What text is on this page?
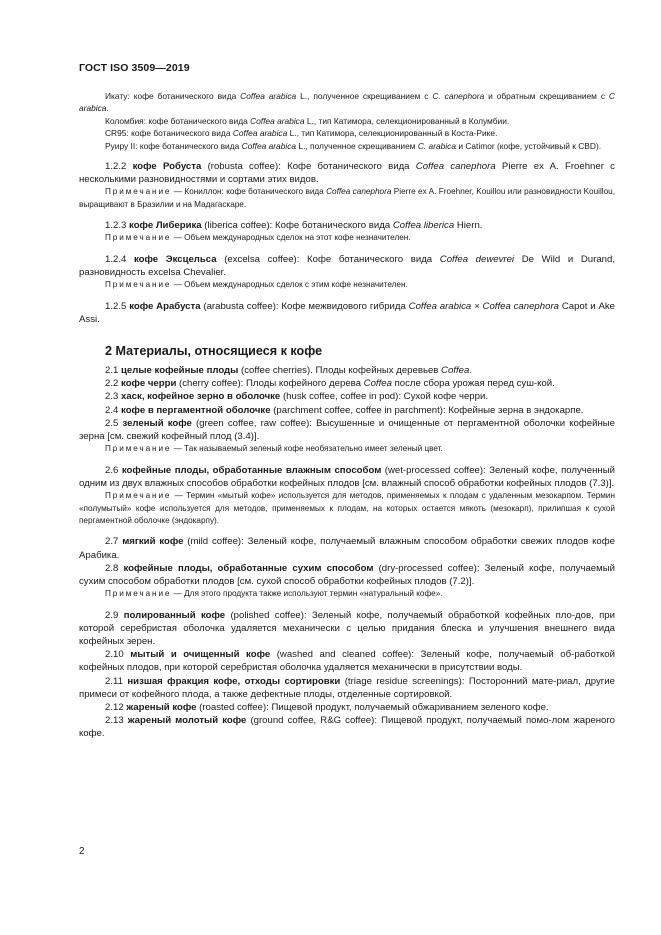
ГОСТ ISO 3509—2019

Икату: кофе ботанического вида Coffea arabica L., полученное скрещиванием с C. canephora и обратным скрещиванием с C arabica.

Коломбия: кофе ботанического вида Coffea arabica L., тип Катимора, селекционированный в Колумбии.

CR95: кофе ботанического вида Coffea arabica L., тип Катимора, селекционированный в Коста-Рике.

Руиру II: кофе ботанического вида Coffea arabica L., полученное скрещиванием C. arabica и Catimor (кофе, устойчивый к CBD).

1.2.2 кофе Робуста (robusta coffee): Кофе ботанического вида Coffea canephora Pierre ex A. Froehner с несколькими разновидностями и сортами этих видов.

Примечание — Кониллон: кофе ботанического вида Coffea canephora Pierre ex A. Froehner, Kouillou или разновидности Kouillou, выращивают в Бразилии и на Мадагаскаре.

1.2.3 кофе Либерика (liberica coffee): Кофе ботанического вида Coffea liberica Hiern.

Примечание — Объем международных сделок на этот кофе незначителен.

1.2.4 кофе Эксцельса (excelsa coffee): Кофе ботанического вида Coffea dewevrei De Wild и Durand, разновидность excelsa Chevalier.

Примечание — Объем международных сделок с этим кофе незначителен.

1.2.5 кофе Арабуста (arabusta coffee): Кофе межвидового гибрида Coffea arabica × Coffea canephora Capot и Ake Assi.

2 Материалы, относящиеся к кофе

2.1 целые кофейные плоды (coffee cherries). Плоды кофейных деревьев Coffea.

2.2 кофе черри (cherry coffee): Плоды кофейного дерева Coffea после сбора урожая перед суш-кой.

2.3 хаск, кофейное зерно в оболочке (husk coffee, coffee in pod): Сухой кофе черри.

2.4 кофе в пергаментной оболочке (parchment coffee, coffee in parchment): Кофейные зерна в эндокарпе.

2.5 зеленый кофе (green coffee, raw coffee): Высушенные и очищенные от пергаментной оболочки кофейные зерна [см. свежий кофейный плод (3.4)].

Примечание — Так называемый зеленый кофе необязательно имеет зеленый цвет.

2.6 кофейные плоды, обработанные влажным способом (wet-processed coffee): Зеленый кофе, полученный одним из двух влажных способов обработки кофейных плодов [см. влажный способ обработки кофейных плодов (7.3)].

Примечание — Термин «мытый кофе» используется для методов, применяемых к плодам с удаленным мезокарпом. Термин «полумытый» кофе используется для методов, применяемых к плодам, на которых остается мякоть (мезокарп), прилипшая к сухой пергаментной оболочке (эндокарпу).

2.7 мягкий кофе (mild coffee): Зеленый кофе, получаемый влажным способом обработки свежих плодов кофе Арабика.

2.8 кофейные плоды, обработанные сухим способом (dry-processed coffee): Зеленый кофе, получаемый сухим способом обработки плодов [см. сухой способ обработки кофейных плодов (7.2)].

Примечание — Для этого продукта также используют термин «натуральный кофе».

2.9 полированный кофе (polished coffee): Зеленый кофе, получаемый обработкой кофейных пло-дов, при которой серебристая оболочка удаляется механически с целью придания блеска и улучшения внешнего вида кофейных зерен.

2.10 мытый и очищенный кофе (washed and cleaned coffee): Зеленый кофе, получаемый об-работкой кофейных плодов, при которой серебристая оболочка удаляется механически в присутствии воды.

2.11 низшая фракция кофе, отходы сортировки (triage residue screenings): Посторонний мате-риал, другие примеси от кофейного плода, а также дефектные плоды, отделенные сортировкой.

2.12 жареный кофе (roasted coffee): Пищевой продукт, получаемый обжариванием зеленого кофе.

2.13 жареный молотый кофе (ground coffee, R&G coffee): Пищевой продукт, получаемый помо-лом жареного кофе.

2
